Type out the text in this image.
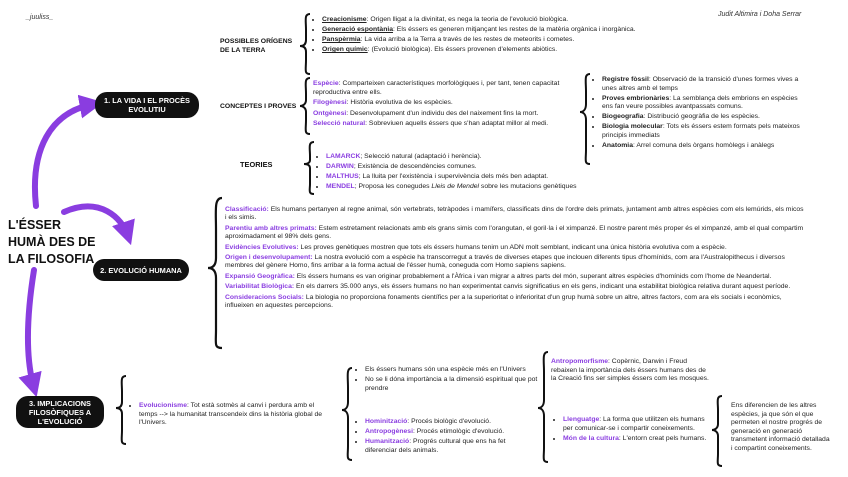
_juuliss_	Judit Altimira i Doha Serrar
L'ÉSSER
HUMÀ DES DE
LA FILOSOFIA
1. LA VIDA I EL PROCÈS EVOLUTIU
2. EVOLUCIÓ HUMANA
3. IMPLICACIONS FILOSÒFIQUES A L'EVOLUCIÓ
POSSIBLES ORÍGENS DE LA TERRA
• Creacionisme: Origen lligat a la divinitat, es nega la teoria de l'evolució biològica.
• Generació espontània: Els éssers es generen mitjançant les restes de la matèria orgànica i inorgànica.
• Panspèrmia: La vida arriba a la Terra a través de les restes de meteorits i cometes.
• Origen químic: (Evolució biològica). Els éssers provenen d'elements abiòtics.
CONCEPTES I PROVES
Espècie: Comparteixen característiques morfològiques i, per tant, tenen capacitat reproductiva entre ells.
Filogènesi: Història evolutiva de les espècies.
Ontgènesi: Desenvolupament d'un individu des del naixement fins la mort.
Selecció natural: Sobreviuen aquells éssers que s'han adaptat millor al medi.
• Registre fòssil: Observació de la transició d'unes formes vives a unes altres amb el temps
• Proves embrionàries: La semblança dels embrions en espècies ens fan veure possibles avantpassats comuns.
• Biogeografia: Distribució geogràfia de les espècies.
• Biologia molecular: Tots els éssers estem formats pels mateixos principis immediats
• Anatomia: Arrel comuna dels òrgans homòlegs i anàlegs
TEORIES
• LAMARCK; Selecció natural (adaptació i herència).
• DARWIN; Existència de descendències comunes.
• MALTHUS; La lluita per l'existència i supervivència dels més ben adaptat.
• MENDEL; Proposa les conegudes Lleis de Mendel sobre les mutacions genètiques
Classificació: Els humans pertanyen al regne animal, són vertebrats, tetràpodes i mamífers, classificats dins de l'ordre dels primats, juntament amb altres espècies com els lemúrids, els micos i els simis.
Parentiu amb altres primats: Estem estretament relacionats amb els grans simis com l'orangutan, el goril·la i el ximpanzé. El nostre parent més proper és el ximpanzé, amb el qual compartim aproximadament el 98% dels gens.
Evidències Evolutives: Les proves genètiques mostren que tots els éssers humans tenim un ADN molt semblant, indicant una única història evolutiva com a espècie.
Origen i desenvolupament: La nostra evolució com a espècie ha transcorregut a través de diverses etapes que inclouen diferents tipus d'homínids, com ara l'Australopithecus i diversos membres del gènere Homo, fins arribar a la forma actual de l'ésser humà, coneguda com Homo sapiens sapiens.
Expansió Geogràfica: Els éssers humans es van originar probablement a l'Àfrica i van migrar a altres parts del món, superant altres espècies d'homínids com l'home de Neandertal.
Variabilitat Biològica: En els darrers 35.000 anys, els éssers humans no han experimentat canvis significatius en els gens, indicant una estabilitat biològica relativa durant aquest període.
Consideracions Socials: La biologia no proporciona fonaments científics per a la superioritat o inferioritat d'un grup humà sobre un altre, altres factors, com ara els socials i econòmics, influeixen en aquestes percepcions.
• Evolucionisme: Tot està sotmès al canvi i perdura amb el temps --> la humanitat transcendeix dins la història global de l'Univers.
• Els éssers humans són una espècie més en l'Univers
• No se li dóna importància a la dimensió espiritual que pot prendre
• Hominització: Procés biològic d'evolució.
• Antropogènesi: Procés etimològic d'evolució.
• Humanització: Progrés cultural que ens ha fet diferenciar dels animals.
Antropomorfisme: Copèrnic, Darwin i Freud rebaixen la importància dels éssers humans des de la Creació fins ser simples éssers com les mosques.
• Llenguatge: La forma que utilitzen els humans per comunicar-se i compartir coneixements.
• Món de la cultura: L'entorn creat pels humans.
Ens diferencien de les altres espècies, ja que són el que permeten el nostre progrés de generació en generació transmetent informació detallada i compartint coneixements.
